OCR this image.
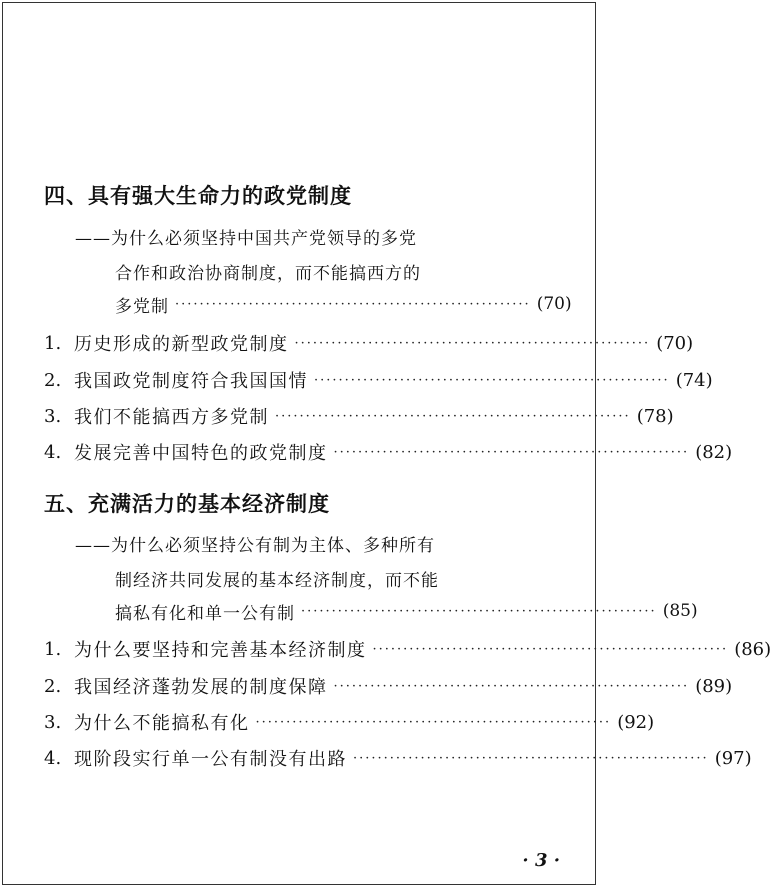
四、具有强大生命力的政党制度
——为什么必须坚持中国共产党领导的多党
合作和政治协商制度，而不能搞西方的
多党制 ·························································· (70)
1. 历史形成的新型政党制度 ·························································· (70)
2. 我国政党制度符合我国国情 ·························································· (74)
3. 我们不能搞西方多党制 ·························································· (78)
4. 发展完善中国特色的政党制度 ·························································· (82)
五、充满活力的基本经济制度
——为什么必须坚持公有制为主体、多种所有
制经济共同发展的基本经济制度，而不能
搞私有化和单一公有制 ·························································· (85)
1. 为什么要坚持和完善基本经济制度 ·························································· (86)
2. 我国经济蓬勃发展的制度保障 ·························································· (89)
3. 为什么不能搞私有化 ·························································· (92)
4. 现阶段实行单一公有制没有出路 ·························································· (97)
· 3 ·
